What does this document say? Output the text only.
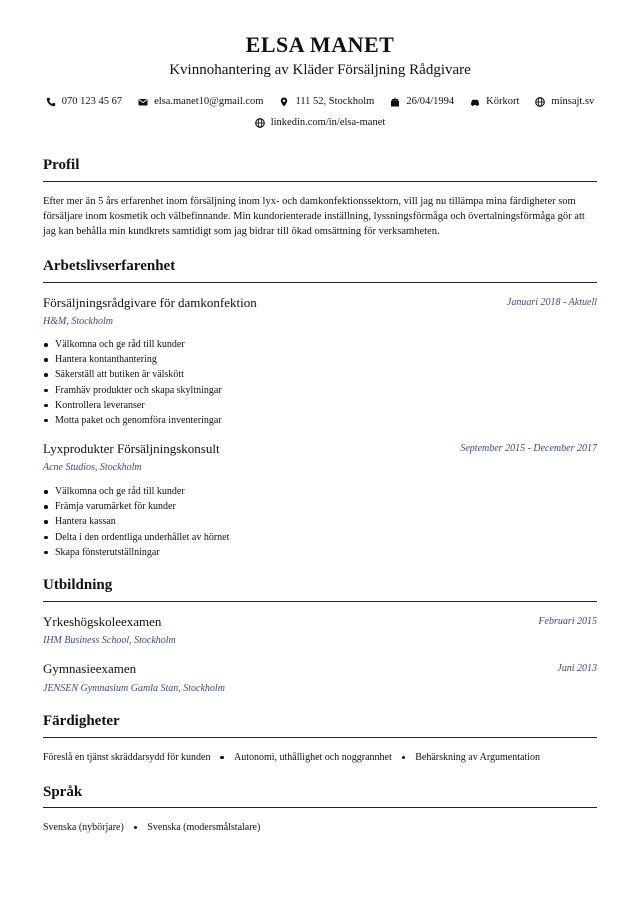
ELSA MANET
Kvinnohantering av Kläder Försäljning Rådgivare
070 123 45 67	elsa.manet10@gmail.com	111 52, Stockholm	26/04/1994	Körkort	minsajt.sv
linkedin.com/in/elsa-manet
Profil
Efter mer än 5 års erfarenhet inom försäljning inom lyx- och damkonfektionssektorn, vill jag nu tillämpa mina färdigheter som försäljare inom kosmetik och välbefinnande. Min kundorienterade inställning, lyssningsförmåga och övertalningsförmåga gör att jag kan behålla min kundkrets samtidigt som jag bidrar till ökad omsättning för verksamheten.
Arbetslivserfarenhet
Försäljningsrådgivare för damkonfektion	Januari 2018 - Aktuell
H&M, Stockholm
Välkomna och ge råd till kunder
Hantera kontanthantering
Säkerställ att butiken är välskött
Framhäv produkter och skapa skyltningar
Kontrollera leveranser
Motta paket och genomföra inventeringar
Lyxprodukter Försäljningskonsult	September 2015 - December 2017
Acne Studios, Stockholm
Välkomna och ge råd till kunder
Främja varumärket för kunder
Hantera kassan
Delta i den ordentliga underhållet av hörnet
Skapa fönsterutställningar
Utbildning
Yrkeshögskoleexamen	Februari 2015
IHM Business School, Stockholm
Gymnasieexamen	Juni 2013
JENSEN Gymnasium Gamla Stan, Stockholm
Färdigheter
Föreslå en tjänst skräddarsydd för kunden Autonomi, uthållighet och noggrannhet Behärskning av Argumentation
Språk
Svenska (nybörjare) Svenska (modersmålstalare)
